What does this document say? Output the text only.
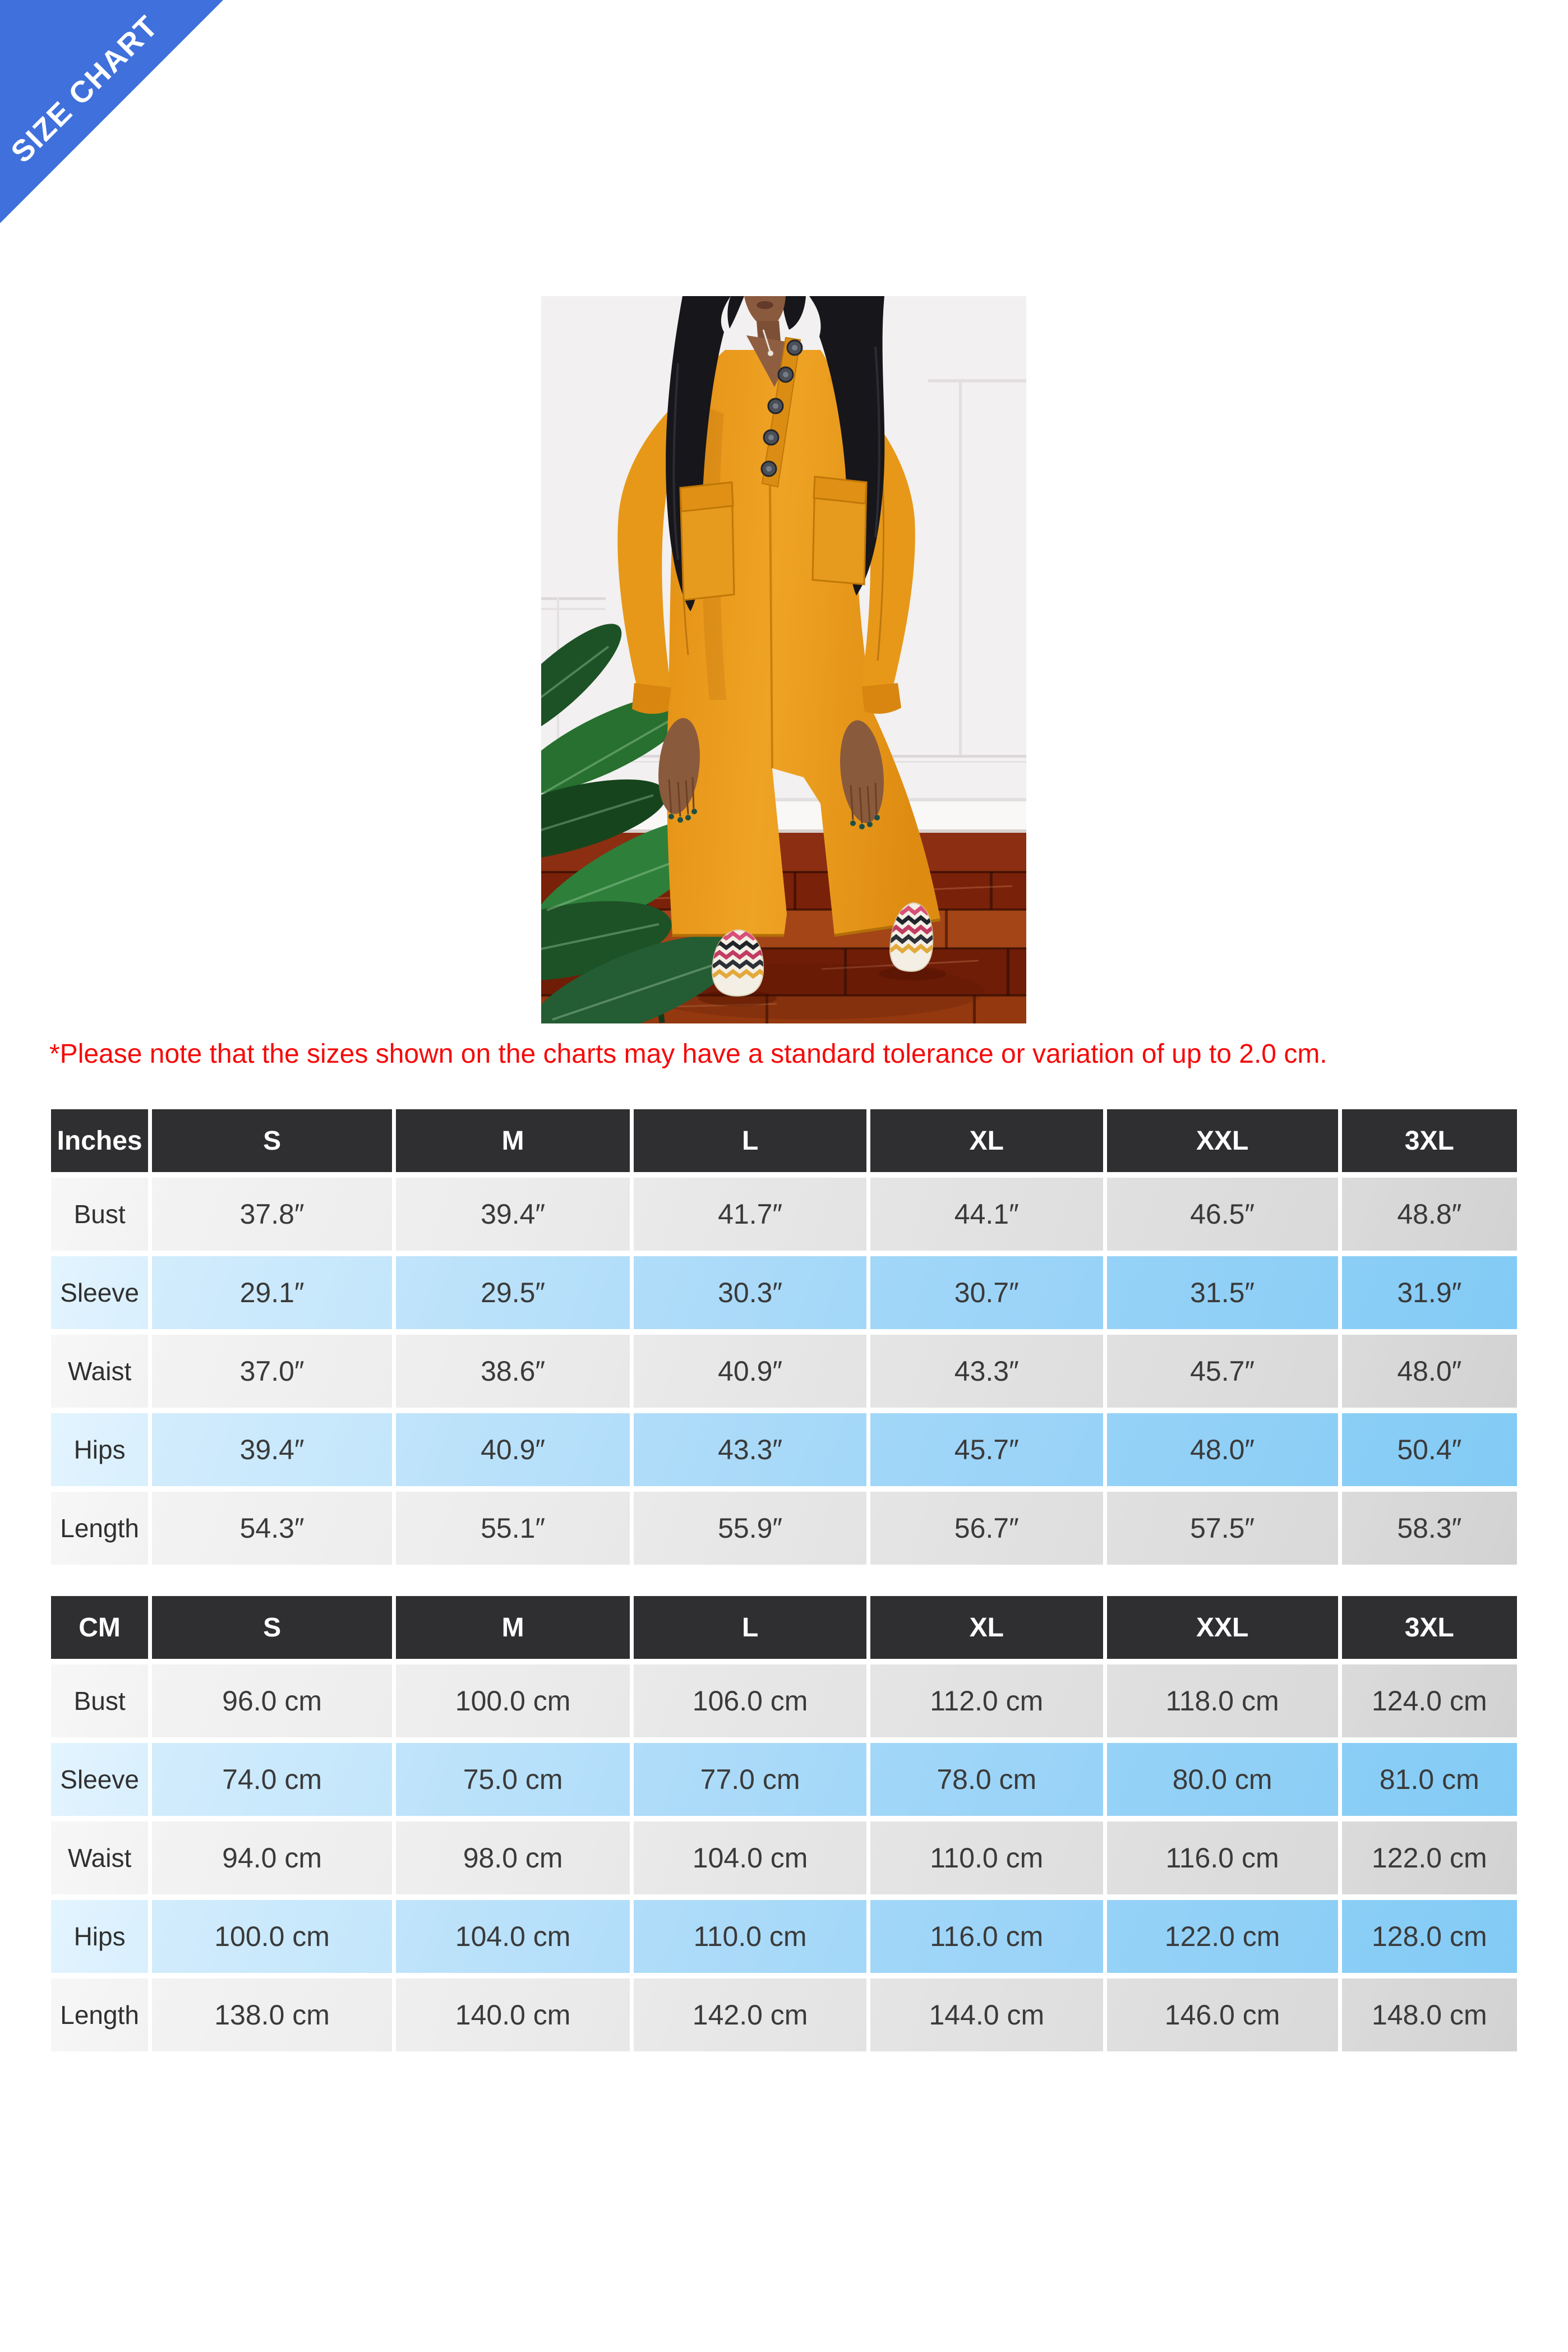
SIZE CHART

*Please note that the sizes shown on the charts may have a standard tolerance or variation of up to 2.0 cm.

Inches	S	M	L	XL	XXL	3XL
Bust	37.8″	39.4″	41.7″	44.1″	46.5″	48.8″
Sleeve	29.1″	29.5″	30.3″	30.7″	31.5″	31.9″
Waist	37.0″	38.6″	40.9″	43.3″	45.7″	48.0″
Hips	39.4″	40.9″	43.3″	45.7″	48.0″	50.4″
Length	54.3″	55.1″	55.9″	56.7″	57.5″	58.3″
CM	S	M	L	XL	XXL	3XL
Bust	96.0 cm	100.0 cm	106.0 cm	112.0 cm	118.0 cm	124.0 cm
Sleeve	74.0 cm	75.0 cm	77.0 cm	78.0 cm	80.0 cm	81.0 cm
Waist	94.0 cm	98.0 cm	104.0 cm	110.0 cm	116.0 cm	122.0 cm
Hips	100.0 cm	104.0 cm	110.0 cm	116.0 cm	122.0 cm	128.0 cm
Length	138.0 cm	140.0 cm	142.0 cm	144.0 cm	146.0 cm	148.0 cm
